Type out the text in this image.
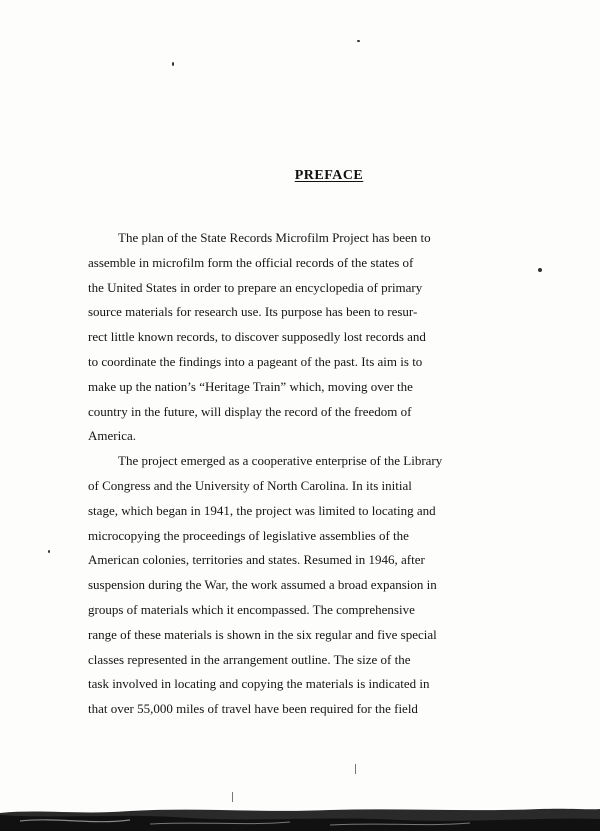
PREFACE
The plan of the State Records Microfilm Project has been to
assemble in microfilm form the official records of the states of
the United States in order to prepare an encyclopedia of primary
source materials for research use. Its purpose has been to resur-
rect little known records, to discover supposedly lost records and
to coordinate the findings into a pageant of the past. Its aim is to
make up the nation’s “Heritage Train” which, moving over the
country in the future, will display the record of the freedom of
America.
The project emerged as a cooperative enterprise of the Library
of Congress and the University of North Carolina. In its initial
stage, which began in 1941, the project was limited to locating and
microcopying the proceedings of legislative assemblies of the
American colonies, territories and states. Resumed in 1946, after
suspension during the War, the work assumed a broad expansion in
groups of materials which it encompassed. The comprehensive
range of these materials is shown in the six regular and five special
classes represented in the arrangement outline. The size of the
task involved in locating and copying the materials is indicated in
that over 55,000 miles of travel have been required for the field
